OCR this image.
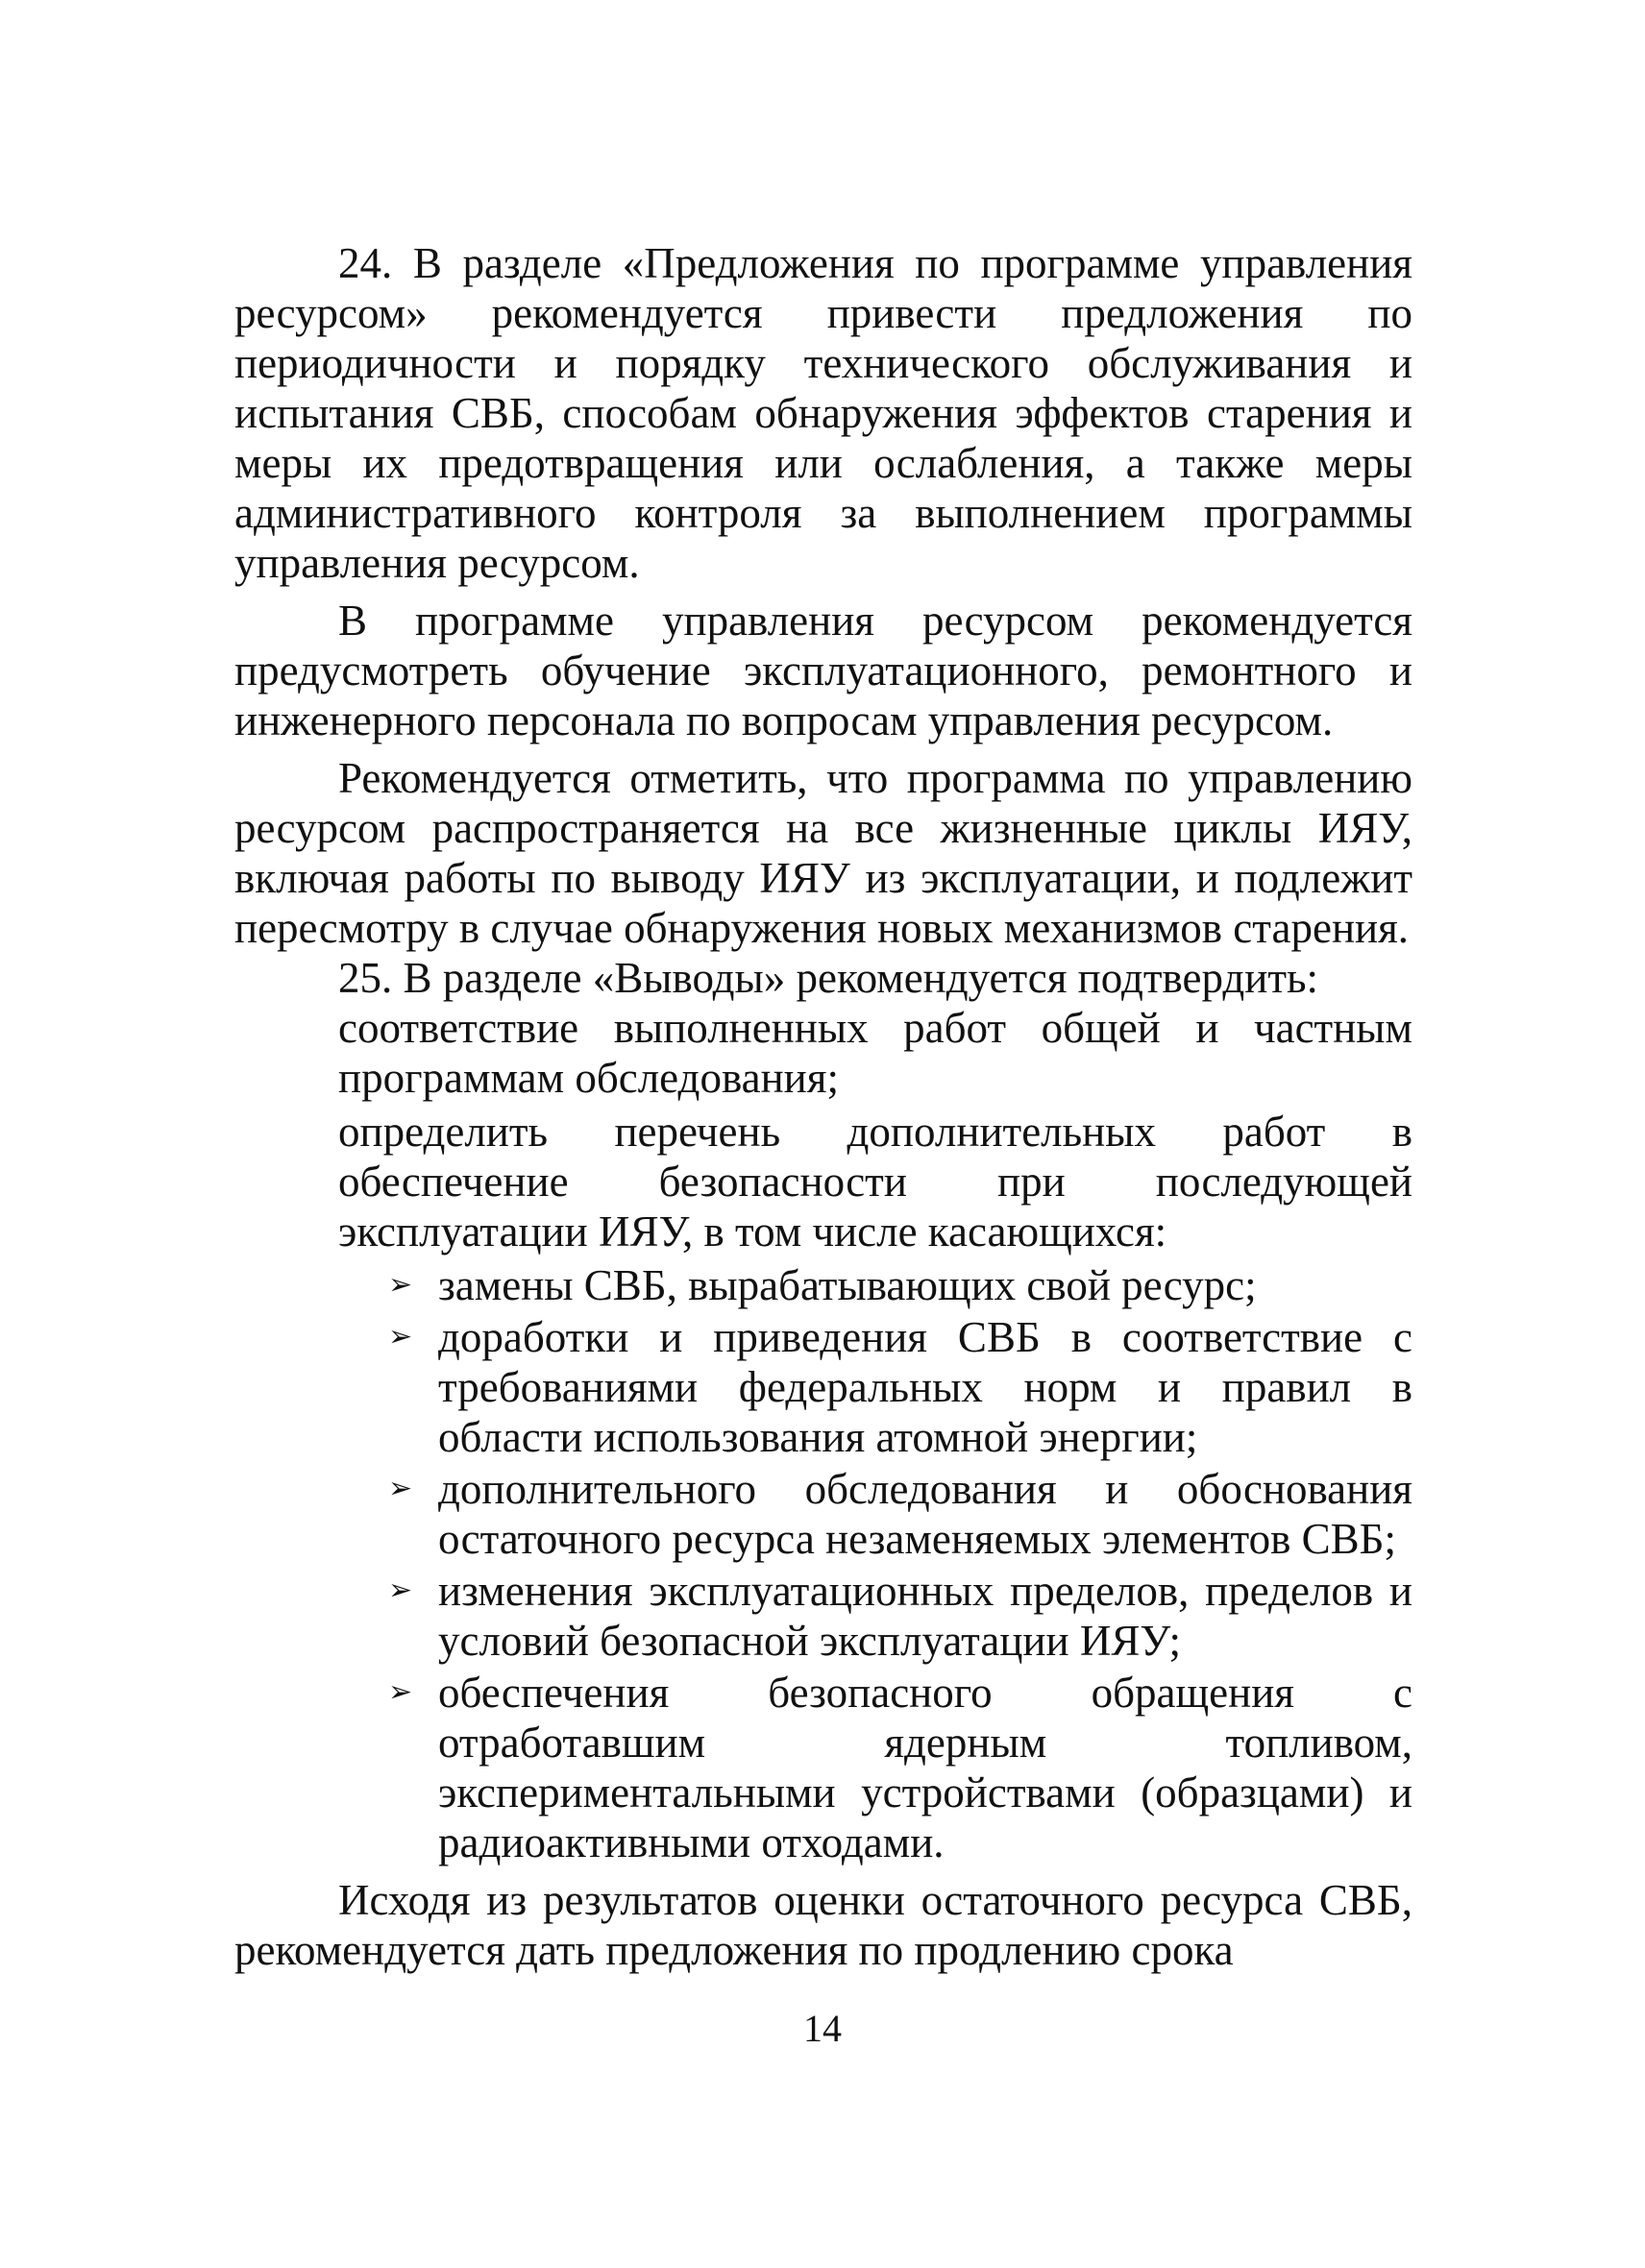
24. В разделе «Предложения по программе управления ресурсом» рекомендуется привести предложения по периодичности и порядку технического обслуживания и испытания СВБ, способам обнаружения эффектов старения и меры их предотвращения или ослабления, а также меры административного контроля за выполнением программы управления ресурсом.

В программе управления ресурсом рекомендуется предусмотреть обучение эксплуатационного, ремонтного и инженерного персонала по вопросам управления ресурсом.

Рекомендуется отметить, что программа по управлению ресурсом распространяется на все жизненные циклы ИЯУ, включая работы по выводу ИЯУ из эксплуатации, и подлежит пересмотру в случае обнаружения новых механизмов старения.

25. В разделе «Выводы» рекомендуется подтвердить:

соответствие выполненных работ общей и частным программам обследования;

определить перечень дополнительных работ в обеспечение безопасности при последующей эксплуатации ИЯУ, в том числе касающихся:

➢ замены СВБ, вырабатывающих свой ресурс;
➢ доработки и приведения СВБ в соответствие с требованиями федеральных норм и правил в области использования атомной энергии;
➢ дополнительного обследования и обоснования остаточного ресурса незаменяемых элементов СВБ;
➢ изменения эксплуатационных пределов, пределов и условий безопасной эксплуатации ИЯУ;
➢ обеспечения безопасного обращения с отработавшим ядерным топливом, экспериментальными устройствами (образцами) и радиоактивными отходами.

Исходя из результатов оценки остаточного ресурса СВБ, рекомендуется дать предложения по продлению срока

14
